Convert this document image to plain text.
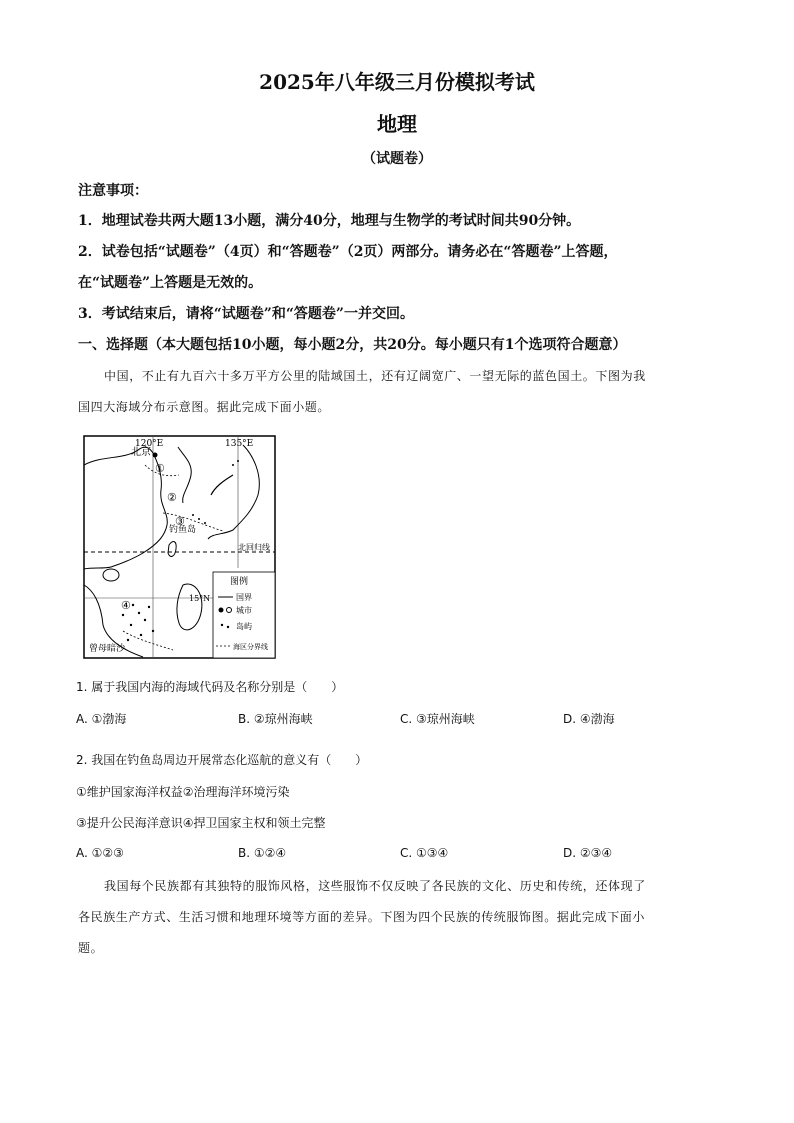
2025年八年级三月份模拟考试
地理
（试题卷）
注意事项：
1．地理试卷共两大题13小题，满分40分，地理与生物学的考试时间共90分钟。
2．试卷包括“试题卷”（4页）和“答题卷”（2页）两部分。请务必在“答题卷”上答题，
在“试题卷”上答题是无效的。
3．考试结束后，请将“试题卷”和“答题卷”一并交回。
一、选择题（本大题包括10小题，每小题2分，共20分。每小题只有1个选项符合题意）
中国，不止有九百六十多万平方公里的陆域国土，还有辽阔宽广、一望无际的蓝色国土。下图为我
国四大海域分布示意图。据此完成下面小题。
120°E	135°E
北京
钓鱼岛
北回归线
15°N
曾母暗沙
①
②
③
④
图例
国界
城市
岛屿
海区分界线
1. 属于我国内海的海域代码及名称分别是（　　）
A. ①渤海	B. ②琼州海峡	C. ③琼州海峡	D. ④渤海
2. 我国在钓鱼岛周边开展常态化巡航的意义有（　　）
①维护国家海洋权益②治理海洋环境污染
③提升公民海洋意识④捍卫国家主权和领土完整
A. ①②③	B. ①②④	C. ①③④	D. ②③④
我国每个民族都有其独特的服饰风格，这些服饰不仅反映了各民族的文化、历史和传统，还体现了
各民族生产方式、生活习惯和地理环境等方面的差异。下图为四个民族的传统服饰图。据此完成下面小
题。
